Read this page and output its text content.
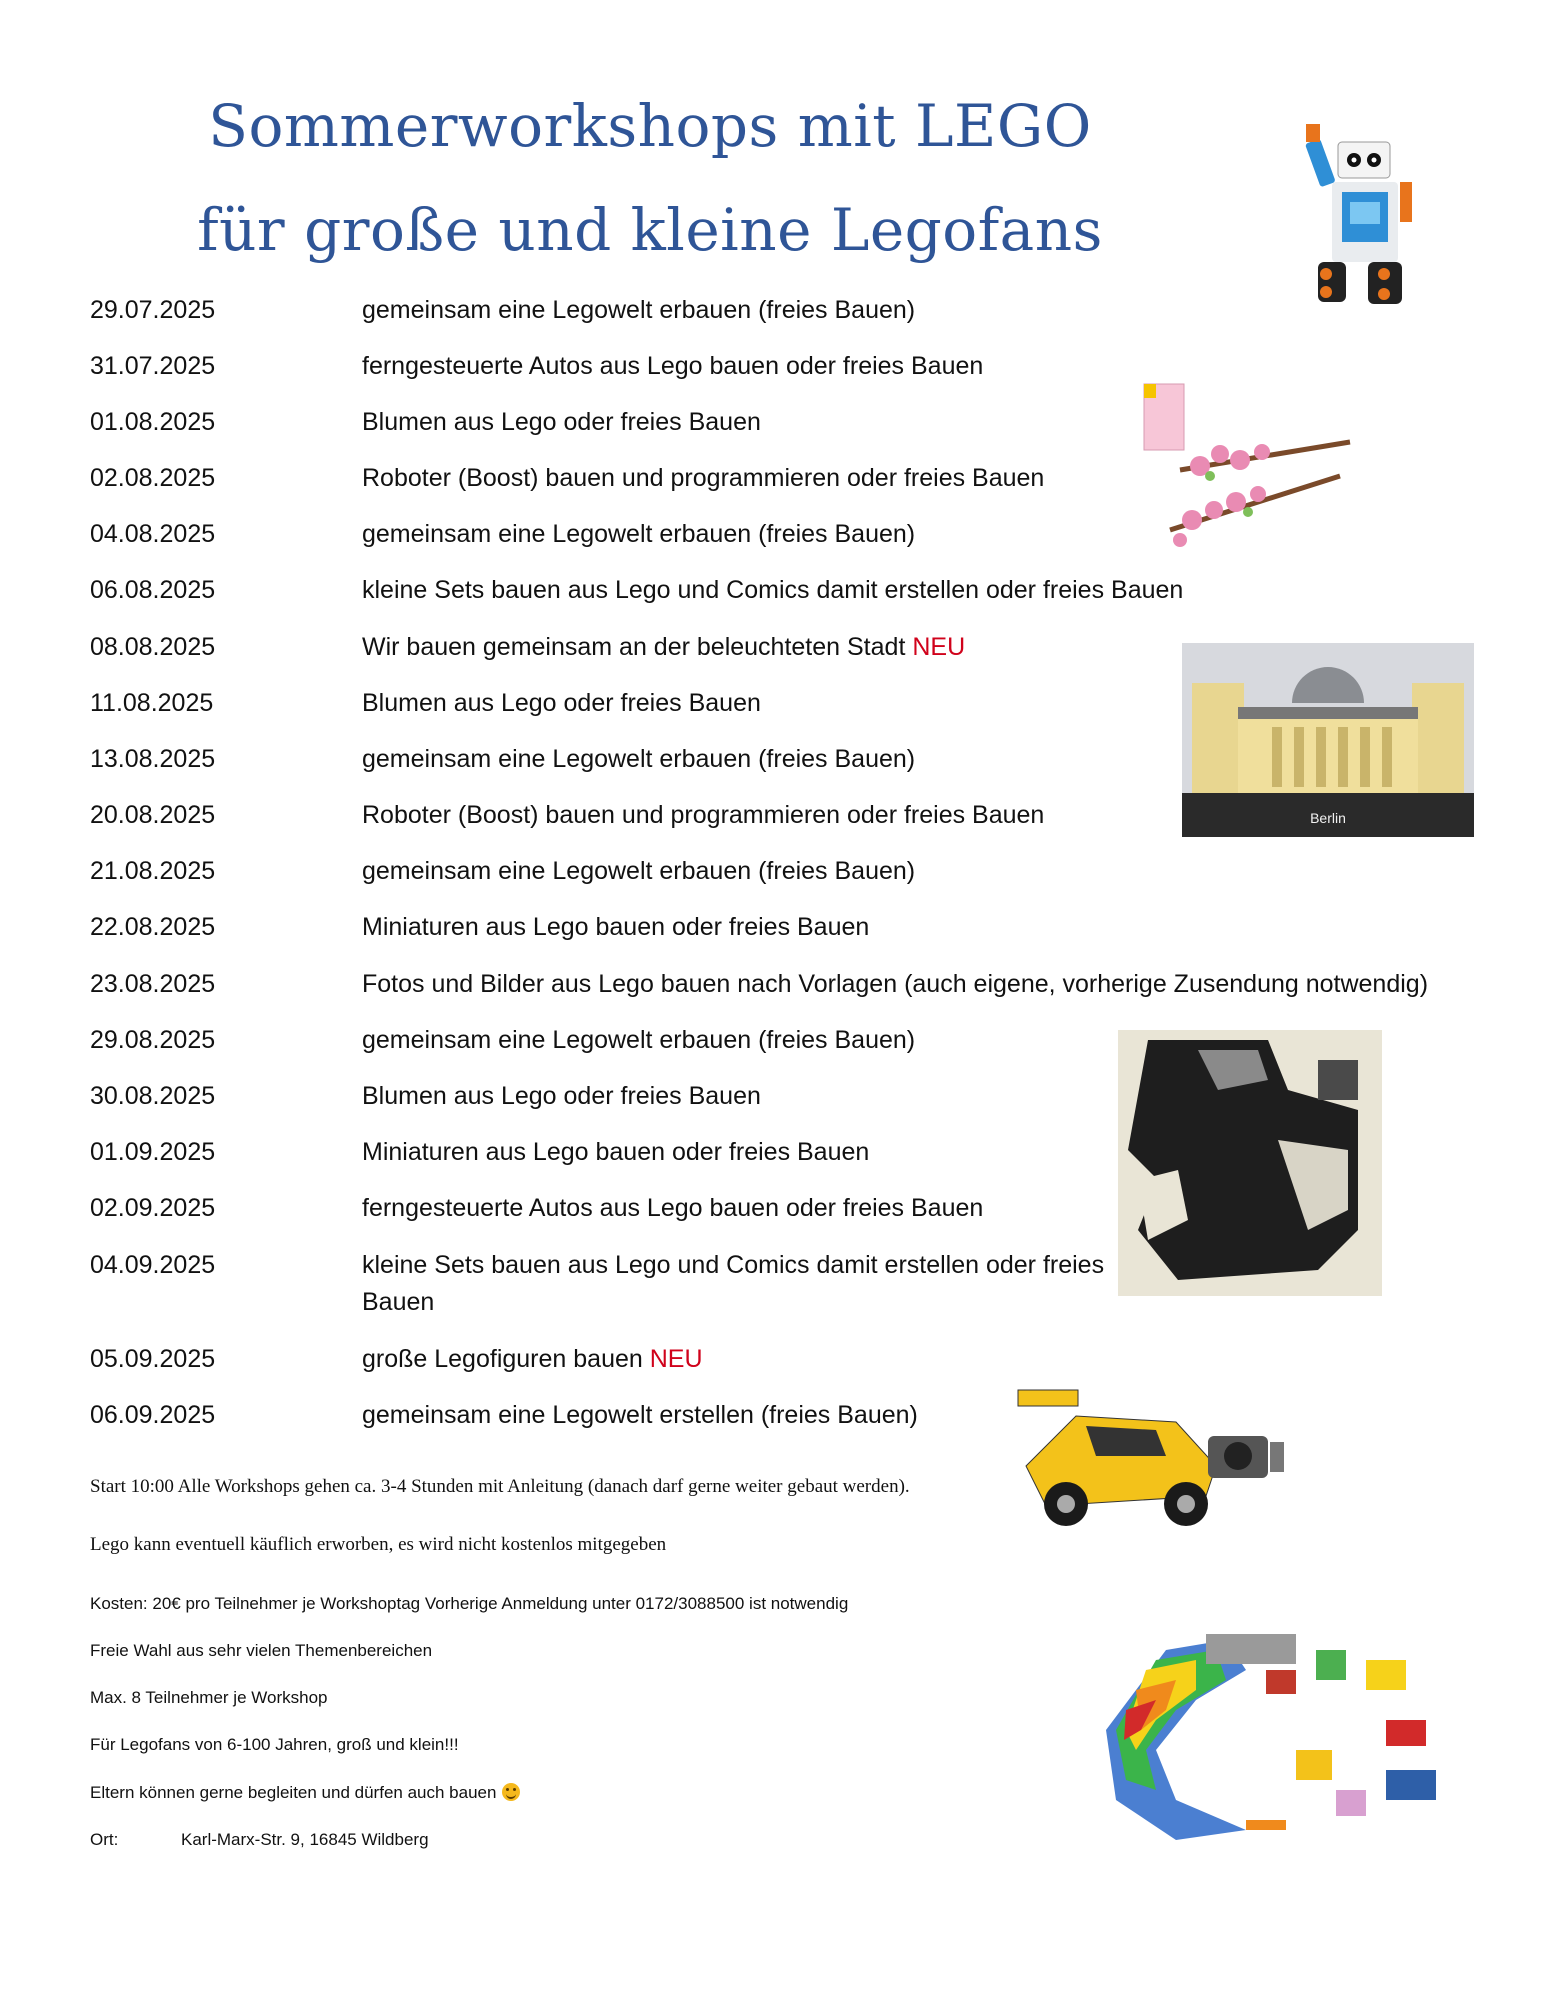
Sommerworkshops mit LEGO
für große und kleine Legofans
29.07.2025	gemeinsam eine Legowelt erbauen (freies Bauen)
31.07.2025	ferngesteuerte Autos aus Lego bauen oder freies Bauen
01.08.2025	Blumen aus Lego oder freies Bauen
02.08.2025	Roboter (Boost) bauen und programmieren oder freies Bauen
04.08.2025	gemeinsam eine Legowelt erbauen (freies Bauen)
06.08.2025	kleine Sets bauen aus Lego und Comics damit erstellen oder freies Bauen
08.08.2025	Wir bauen gemeinsam an der beleuchteten Stadt NEU
11.08.2025	Blumen aus Lego oder freies Bauen
13.08.2025	gemeinsam eine Legowelt erbauen (freies Bauen)
20.08.2025	Roboter (Boost) bauen und programmieren oder freies Bauen
21.08.2025	gemeinsam eine Legowelt erbauen (freies Bauen)
22.08.2025	Miniaturen aus Lego bauen oder freies Bauen
23.08.2025	Fotos und Bilder aus Lego bauen nach Vorlagen (auch eigene, vorherige Zusendung notwendig)
29.08.2025	gemeinsam eine Legowelt erbauen (freies Bauen)
30.08.2025	Blumen aus Lego oder freies Bauen
01.09.2025	Miniaturen aus Lego bauen oder freies Bauen
02.09.2025	ferngesteuerte Autos aus Lego bauen oder freies Bauen
04.09.2025	kleine Sets bauen aus Lego und Comics damit erstellen oder freies Bauen
05.09.2025	große Legofiguren bauen NEU
06.09.2025	gemeinsam eine Legowelt erstellen (freies Bauen)
Start 10:00 Alle Workshops gehen ca. 3-4 Stunden mit Anleitung (danach darf gerne weiter gebaut werden).
Lego kann eventuell käuflich erworben, es wird nicht kostenlos mitgegeben
Kosten: 20€ pro Teilnehmer je Workshoptag Vorherige Anmeldung unter 0172/3088500 ist notwendig
Freie Wahl aus sehr vielen Themenbereichen
Max. 8 Teilnehmer je Workshop
Für Legofans von 6-100 Jahren, groß und klein!!!
Eltern können gerne begleiten und dürfen auch bauen
Ort:	Karl-Marx-Str. 9, 16845 Wildberg
Berlin
